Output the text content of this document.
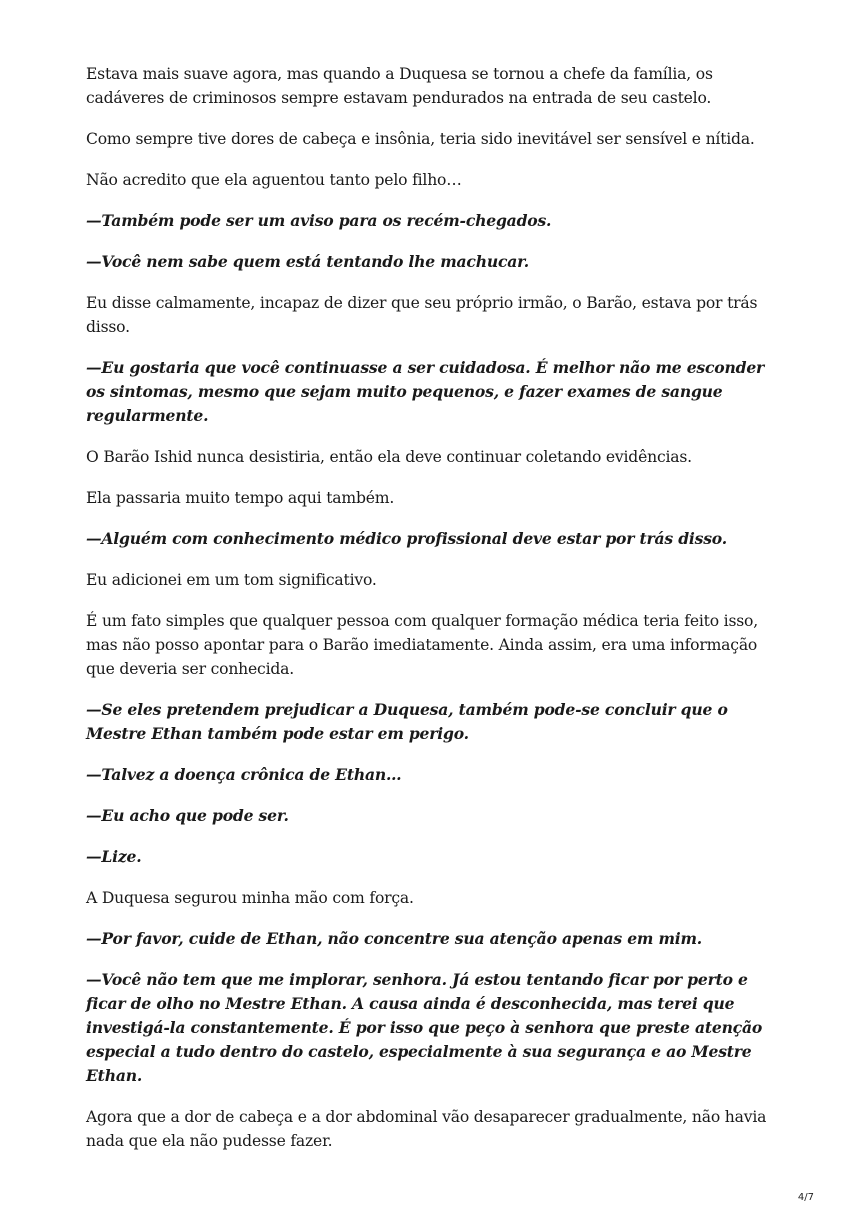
Estava mais suave agora, mas quando a Duquesa se tornou a chefe da família, os cadáveres de criminosos sempre estavam pendurados na entrada de seu castelo.

Como sempre tive dores de cabeça e insônia, teria sido inevitável ser sensível e nítida.

Não acredito que ela aguentou tanto pelo filho…

—Também pode ser um aviso para os recém-chegados.

—Você nem sabe quem está tentando lhe machucar.

Eu disse calmamente, incapaz de dizer que seu próprio irmão, o Barão, estava por trás disso.

—Eu gostaria que você continuasse a ser cuidadosa. É melhor não me esconder os sintomas, mesmo que sejam muito pequenos, e fazer exames de sangue regularmente.

O Barão Ishid nunca desistiria, então ela deve continuar coletando evidências.

Ela passaria muito tempo aqui também.

—Alguém com conhecimento médico profissional deve estar por trás disso.

Eu adicionei em um tom significativo.

É um fato simples que qualquer pessoa com qualquer formação médica teria feito isso, mas não posso apontar para o Barão imediatamente. Ainda assim, era uma informação que deveria ser conhecida.

—Se eles pretendem prejudicar a Duquesa, também pode-se concluir que o Mestre Ethan também pode estar em perigo.

—Talvez a doença crônica de Ethan…

—Eu acho que pode ser.

—Lize.

A Duquesa segurou minha mão com força.

—Por favor, cuide de Ethan, não concentre sua atenção apenas em mim.

—Você não tem que me implorar, senhora. Já estou tentando ficar por perto e ficar de olho no Mestre Ethan. A causa ainda é desconhecida, mas terei que investigá-la constantemente. É por isso que peço à senhora que preste atenção especial a tudo dentro do castelo, especialmente à sua segurança e ao Mestre Ethan.

Agora que a dor de cabeça e a dor abdominal vão desaparecer gradualmente, não havia nada que ela não pudesse fazer.

4/7
